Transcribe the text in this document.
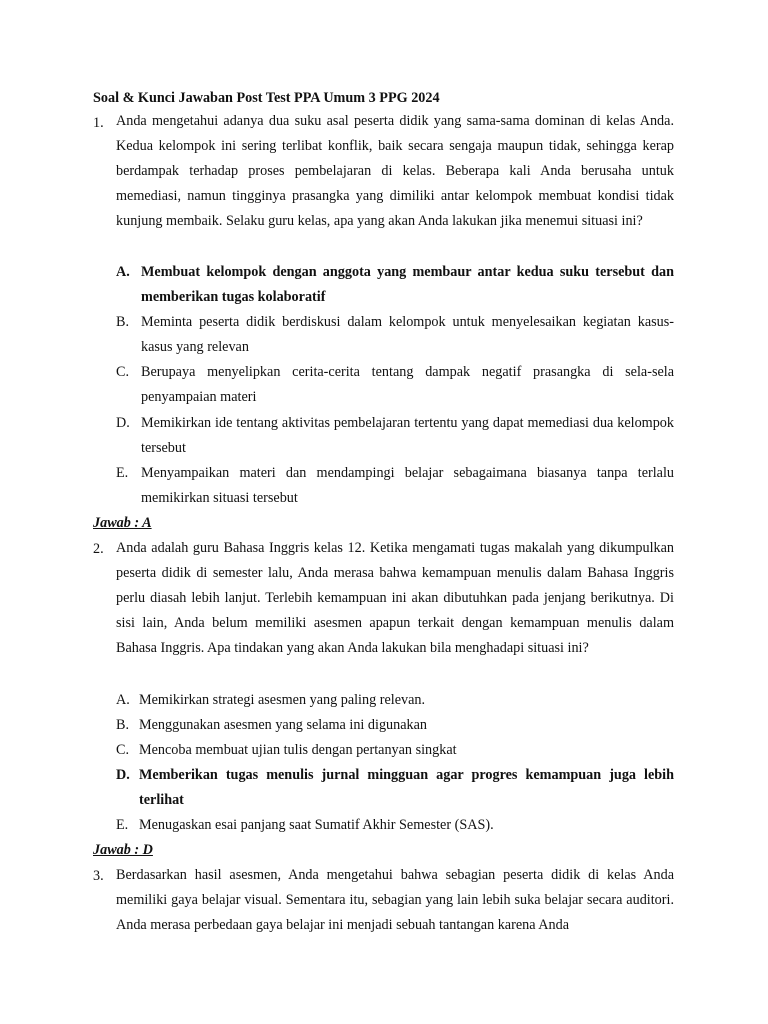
Soal & Kunci Jawaban Post Test PPA Umum 3 PPG 2024
1. Anda mengetahui adanya dua suku asal peserta didik yang sama-sama dominan di kelas Anda. Kedua kelompok ini sering terlibat konflik, baik secara sengaja maupun tidak, sehingga kerap berdampak terhadap proses pembelajaran di kelas. Beberapa kali Anda berusaha untuk memediasi, namun tingginya prasangka yang dimiliki antar kelompok membuat kondisi tidak kunjung membaik. Selaku guru kelas, apa yang akan Anda lakukan jika menemui situasi ini?
A. Membuat kelompok dengan anggota yang membaur antar kedua suku tersebut dan memberikan tugas kolaboratif
B. Meminta peserta didik berdiskusi dalam kelompok untuk menyelesaikan kegiatan kasus-kasus yang relevan
C. Berupaya menyelipkan cerita-cerita tentang dampak negatif prasangka di sela-sela penyampaian materi
D. Memikirkan ide tentang aktivitas pembelajaran tertentu yang dapat memediasi dua kelompok tersebut
E. Menyampaikan materi dan mendampingi belajar sebagaimana biasanya tanpa terlalu memikirkan situasi tersebut
Jawab : A
2. Anda adalah guru Bahasa Inggris kelas 12. Ketika mengamati tugas makalah yang dikumpulkan peserta didik di semester lalu, Anda merasa bahwa kemampuan menulis dalam Bahasa Inggris perlu diasah lebih lanjut. Terlebih kemampuan ini akan dibutuhkan pada jenjang berikutnya. Di sisi lain, Anda belum memiliki asesmen apapun terkait dengan kemampuan menulis dalam Bahasa Inggris. Apa tindakan yang akan Anda lakukan bila menghadapi situasi ini?
A. Memikirkan strategi asesmen yang paling relevan.
B. Menggunakan asesmen yang selama ini digunakan
C. Mencoba membuat ujian tulis dengan pertanyan singkat
D. Memberikan tugas menulis jurnal mingguan agar progres kemampuan juga lebih terlihat
E. Menugaskan esai panjang saat Sumatif Akhir Semester (SAS).
Jawab : D
3. Berdasarkan hasil asesmen, Anda mengetahui bahwa sebagian peserta didik di kelas Anda memiliki gaya belajar visual. Sementara itu, sebagian yang lain lebih suka belajar secara auditori. Anda merasa perbedaan gaya belajar ini menjadi sebuah tantangan karena Anda
